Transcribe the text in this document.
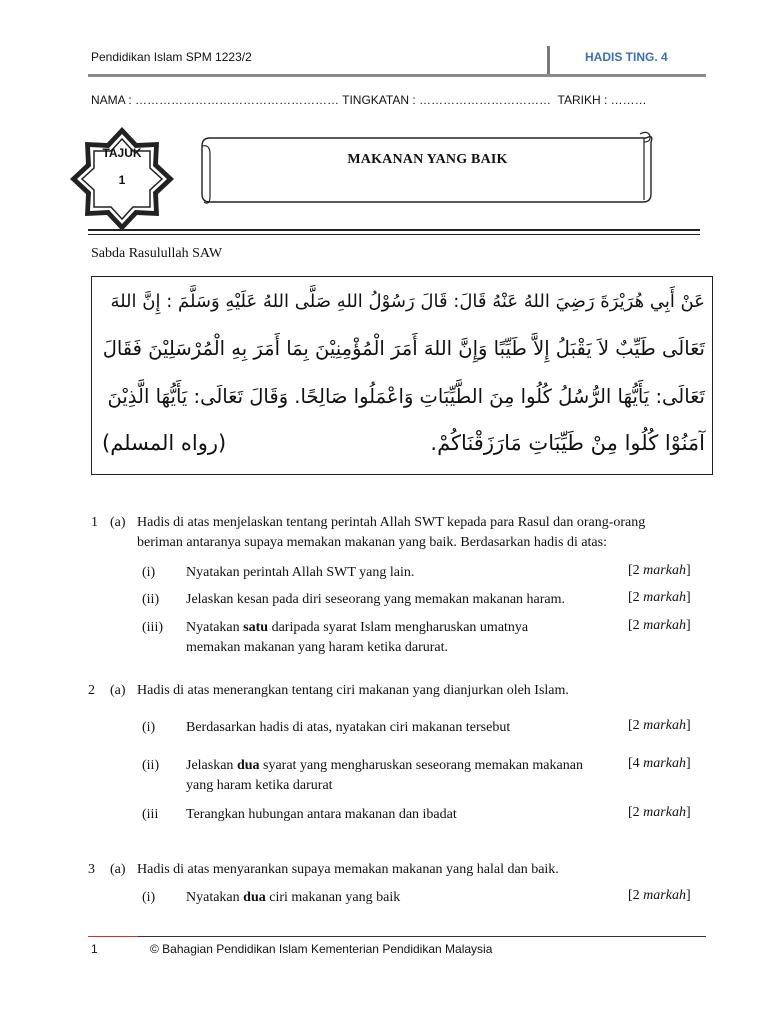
Pendidikan Islam SPM 1223/2	HADIS TING. 4
NAMA : …………………………………………… TINGKATAN : …………………………… TARIKH : ………
TAJUK
1
MAKANAN YANG BAIK
Sabda Rasulullah SAW
عَنْ أَبِي هُرَيْرَةَ رَضِيَ اللهُ عَنْهُ قَالَ: قَالَ رَسُوْلُ اللهِ صَلَّى اللهُ عَلَيْهِ وَسَلَّمَ : إِنَّ اللهَ
تَعَالَى طَيِّبٌ لاَ يَقْبَلُ إِلاَّ طَيِّبًا وَإِنَّ اللهَ أَمَرَ الْمُؤْمِنِيْنَ بِمَا أَمَرَ بِهِ الْمُرْسَلِيْنَ فَقَالَ
تَعَالَى: يَأَيُّهَا الرُّسُلُ كُلُوا مِنَ الطَّيِّبَاتِ وَاعْمَلُوا صَالِحًا. وَقَالَ تَعَالَى: يَأَيُّهَا الَّذِيْنَ
آمَنُوْا كُلُوا مِنْ طَيِّبَاتِ مَارَزَقْنَاكُمْ.
(رواه المسلم)
1 (a) Hadis di atas menjelaskan tentang perintah Allah SWT kepada para Rasul dan orang-orang
beriman antaranya supaya memakan makanan yang baik. Berdasarkan hadis di atas:
(i) Nyatakan perintah Allah SWT yang lain.	[2 markah]
(ii) Jelaskan kesan pada diri seseorang yang memakan makanan haram.	[2 markah]
(iii) Nyatakan satu daripada syarat Islam mengharuskan umatnya
memakan makanan yang haram ketika darurat.
[2 markah]
2 (a) Hadis di atas menerangkan tentang ciri makanan yang dianjurkan oleh Islam.
(i) Berdasarkan hadis di atas, nyatakan ciri makanan tersebut	[2 markah]
(ii) Jelaskan dua syarat yang mengharuskan seseorang memakan makanan
yang haram ketika darurat
[4 markah]
(iii Terangkan hubungan antara makanan dan ibadat	[2 markah]
3 (a) Hadis di atas menyarankan supaya memakan makanan yang halal dan baik.
(i) Nyatakan dua ciri makanan yang baik	[2 markah]
1	© Bahagian Pendidikan Islam Kementerian Pendidikan Malaysia
